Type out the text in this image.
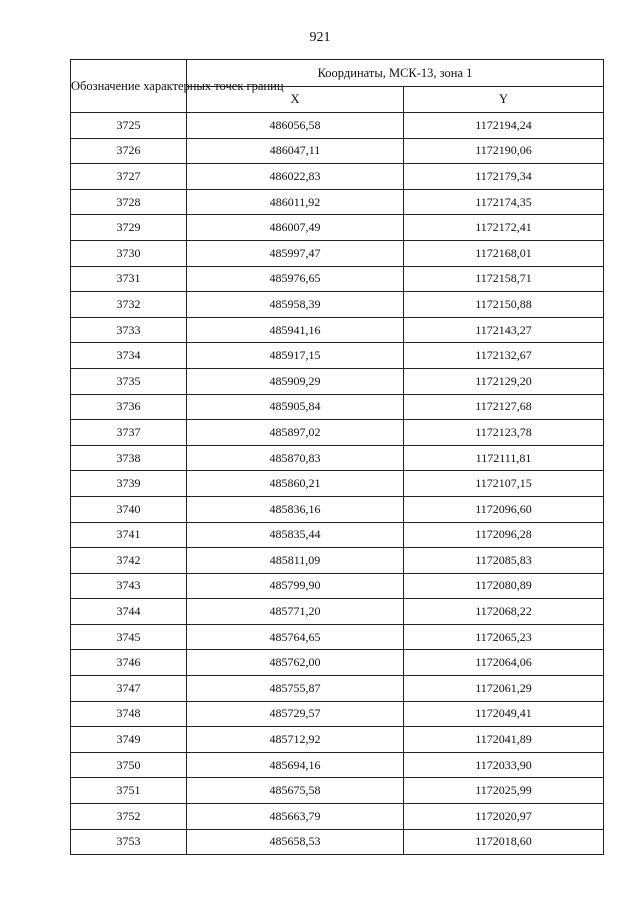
921
Обозначение характерных точек границ	Координаты, МСК-13, зона 1	
	X	Y
3725	486056,58	1172194,24
3726	486047,11	1172190,06
3727	486022,83	1172179,34
3728	486011,92	1172174,35
3729	486007,49	1172172,41
3730	485997,47	1172168,01
3731	485976,65	1172158,71
3732	485958,39	1172150,88
3733	485941,16	1172143,27
3734	485917,15	1172132,67
3735	485909,29	1172129,20
3736	485905,84	1172127,68
3737	485897,02	1172123,78
3738	485870,83	1172111,81
3739	485860,21	1172107,15
3740	485836,16	1172096,60
3741	485835,44	1172096,28
3742	485811,09	1172085,83
3743	485799,90	1172080,89
3744	485771,20	1172068,22
3745	485764,65	1172065,23
3746	485762,00	1172064,06
3747	485755,87	1172061,29
3748	485729,57	1172049,41
3749	485712,92	1172041,89
3750	485694,16	1172033,90
3751	485675,58	1172025,99
3752	485663,79	1172020,97
3753	485658,53	1172018,60
